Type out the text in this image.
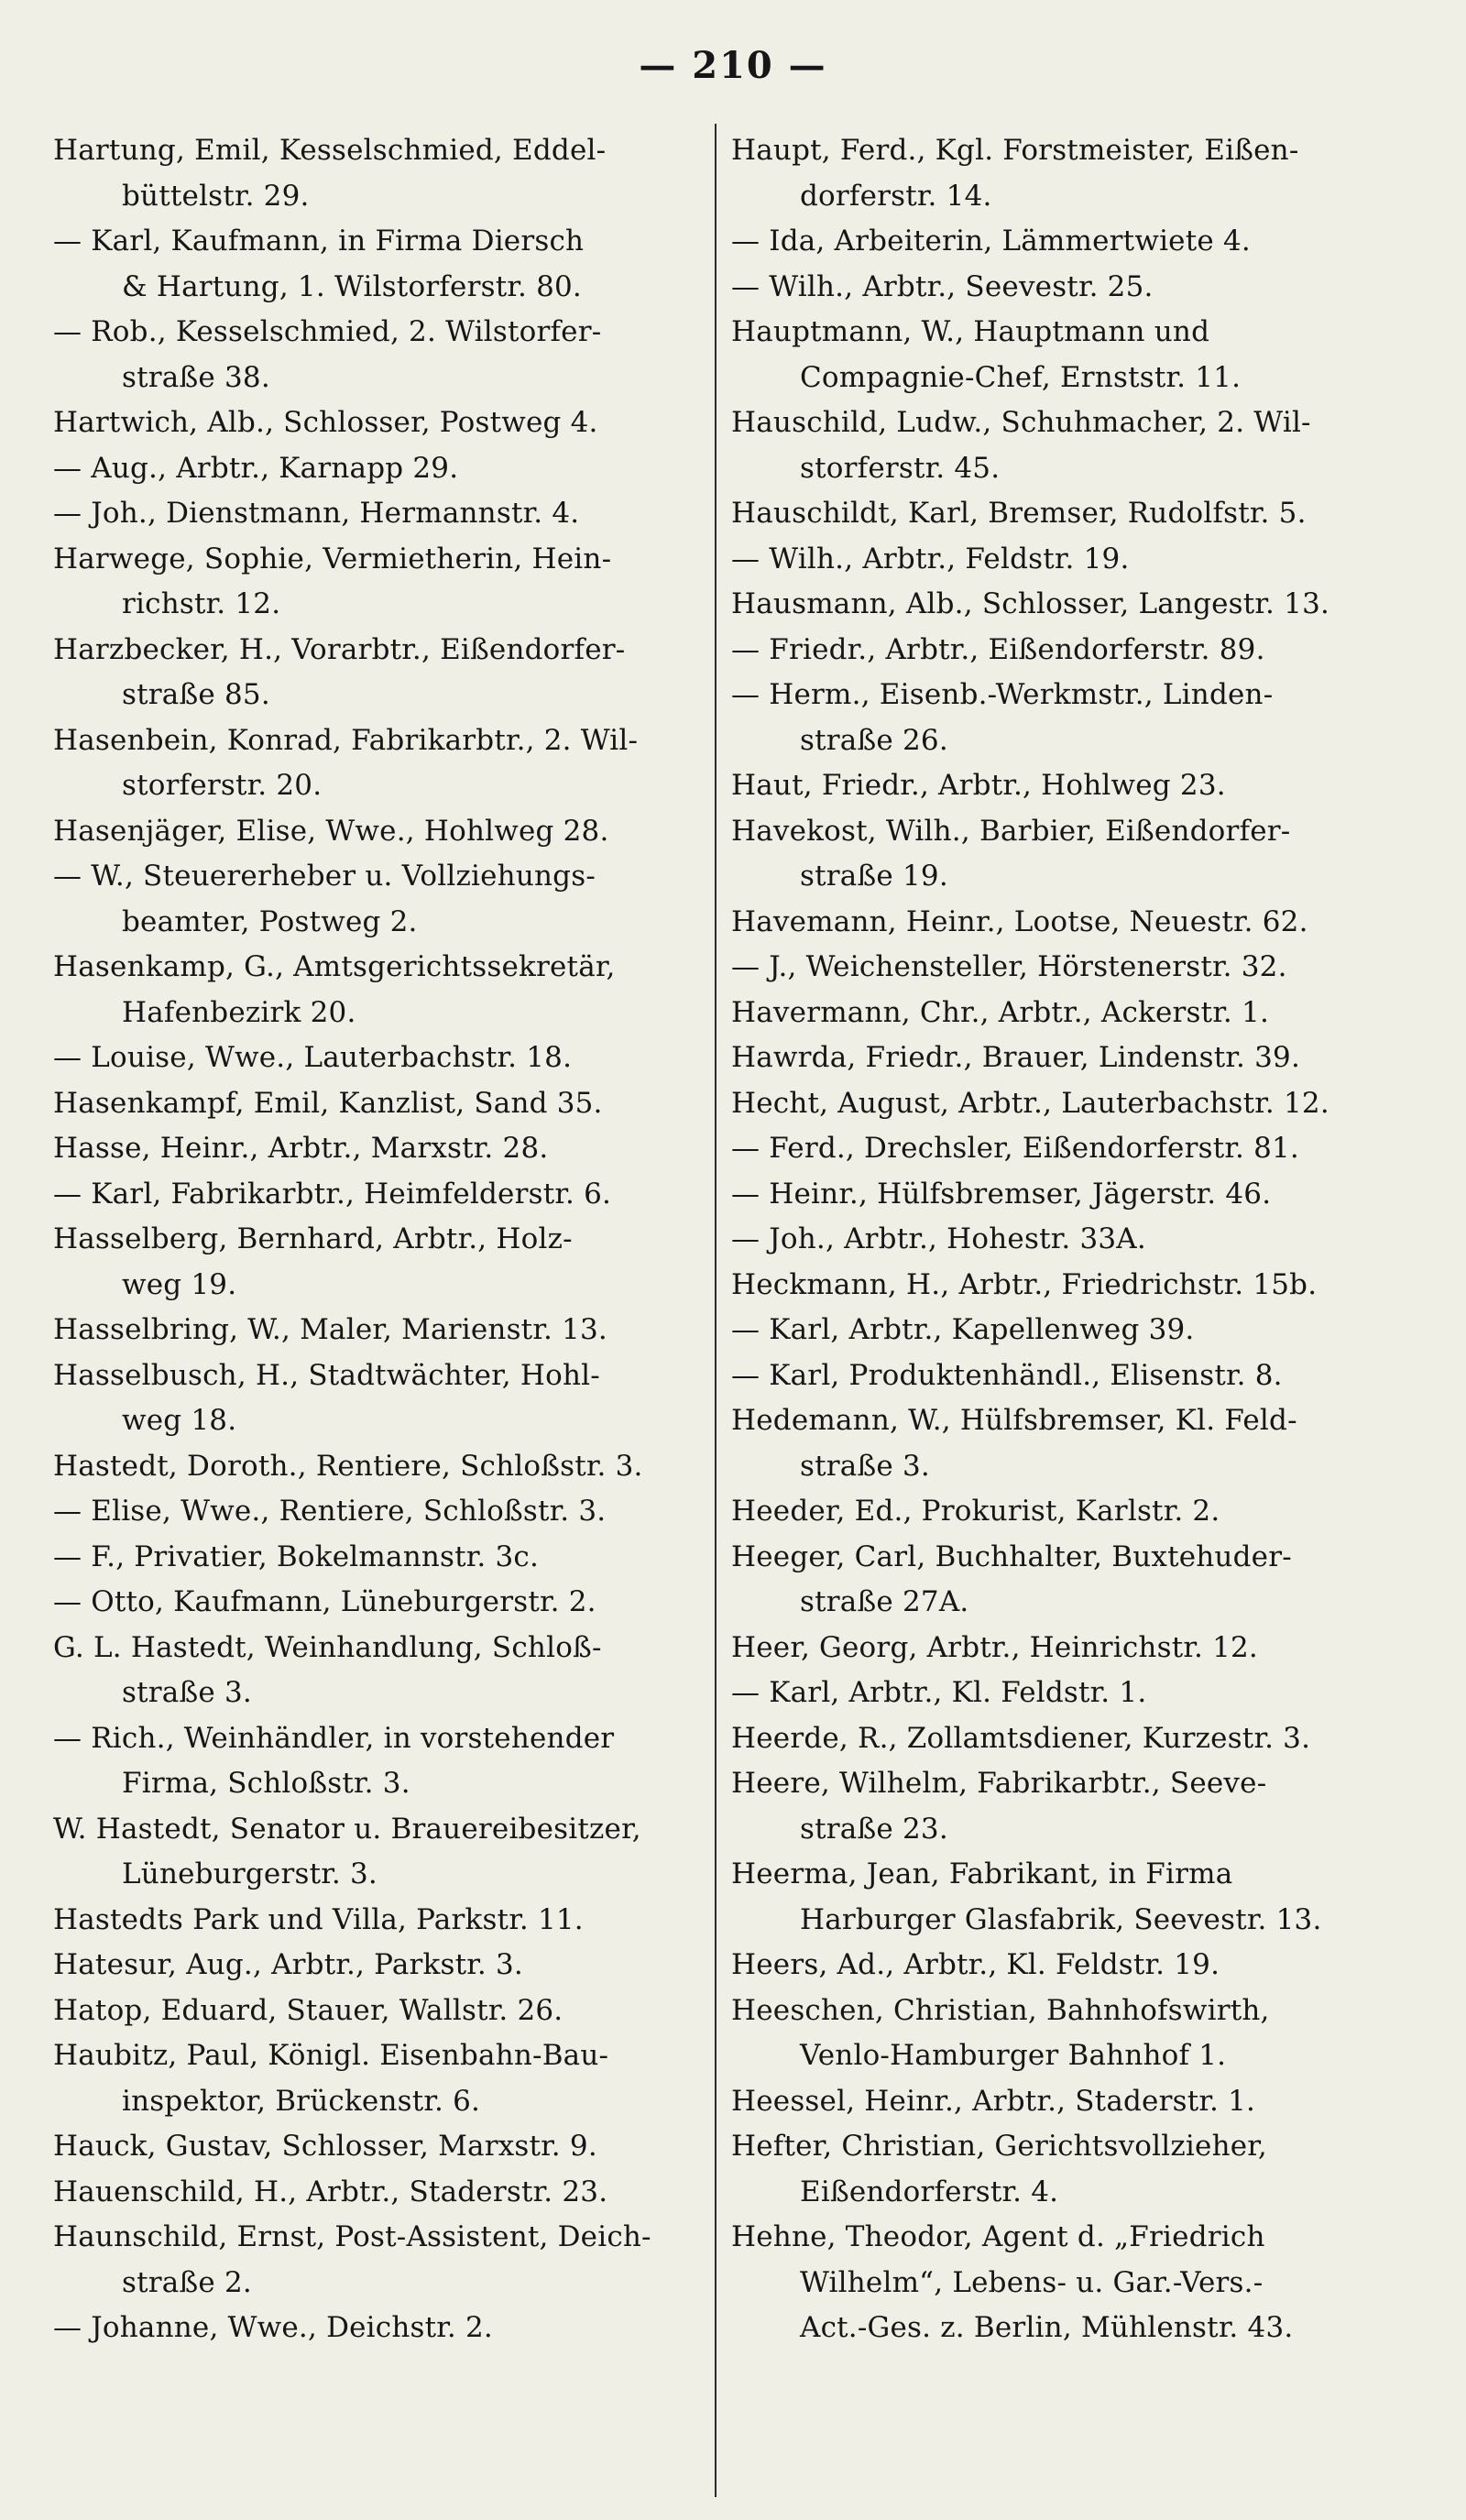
— 210 —
Hartung, Emil, Kesselschmied, Eddel-
büttelstr. 29.
— Karl, Kaufmann, in Firma Diersch
& Hartung, 1. Wilstorferstr. 80.
— Rob., Kesselschmied, 2. Wilstorfer-
straße 38.
Hartwich, Alb., Schlosser, Postweg 4.
— Aug., Arbtr., Karnapp 29.
— Joh., Dienstmann, Hermannstr. 4.
Harwege, Sophie, Vermietherin, Hein-
richstr. 12.
Harzbecker, H., Vorarbtr., Eißendorfer-
straße 85.
Hasenbein, Konrad, Fabrikarbtr., 2. Wil-
storferstr. 20.
Hasenjäger, Elise, Wwe., Hohlweg 28.
— W., Steuererheber u. Vollziehungs-
beamter, Postweg 2.
Hasenkamp, G., Amtsgerichtssekretär,
Hafenbezirk 20.
— Louise, Wwe., Lauterbachstr. 18.
Hasenkampf, Emil, Kanzlist, Sand 35.
Hasse, Heinr., Arbtr., Marxstr. 28.
— Karl, Fabrikarbtr., Heimfelderstr. 6.
Hasselberg, Bernhard, Arbtr., Holz-
weg 19.
Hasselbring, W., Maler, Marienstr. 13.
Hasselbusch, H., Stadtwächter, Hohl-
weg 18.
Hastedt, Doroth., Rentiere, Schloßstr. 3.
— Elise, Wwe., Rentiere, Schloßstr. 3.
— F., Privatier, Bokelmannstr. 3c.
— Otto, Kaufmann, Lüneburgerstr. 2.
G. L. Hastedt, Weinhandlung, Schloß-
straße 3.
— Rich., Weinhändler, in vorstehender
Firma, Schloßstr. 3.
W. Hastedt, Senator u. Brauereibesitzer,
Lüneburgerstr. 3.
Hastedts Park und Villa, Parkstr. 11.
Hatesur, Aug., Arbtr., Parkstr. 3.
Hatop, Eduard, Stauer, Wallstr. 26.
Haubitz, Paul, Königl. Eisenbahn-Bau-
inspektor, Brückenstr. 6.
Hauck, Gustav, Schlosser, Marxstr. 9.
Hauenschild, H., Arbtr., Staderstr. 23.
Haunschild, Ernst, Post-Assistent, Deich-
straße 2.
— Johanne, Wwe., Deichstr. 2.
Haupt, Ferd., Kgl. Forstmeister, Eißen-
dorferstr. 14.
— Ida, Arbeiterin, Lämmertwiete 4.
— Wilh., Arbtr., Seevestr. 25.
Hauptmann, W., Hauptmann und
Compagnie-Chef, Ernststr. 11.
Hauschild, Ludw., Schuhmacher, 2. Wil-
storferstr. 45.
Hauschildt, Karl, Bremser, Rudolfstr. 5.
— Wilh., Arbtr., Feldstr. 19.
Hausmann, Alb., Schlosser, Langestr. 13.
— Friedr., Arbtr., Eißendorferstr. 89.
— Herm., Eisenb.-Werkmstr., Linden-
straße 26.
Haut, Friedr., Arbtr., Hohlweg 23.
Havekost, Wilh., Barbier, Eißendorfer-
straße 19.
Havemann, Heinr., Lootse, Neuestr. 62.
— J., Weichensteller, Hörstenerstr. 32.
Havermann, Chr., Arbtr., Ackerstr. 1.
Hawrda, Friedr., Brauer, Lindenstr. 39.
Hecht, August, Arbtr., Lauterbachstr. 12.
— Ferd., Drechsler, Eißendorferstr. 81.
— Heinr., Hülfsbremser, Jägerstr. 46.
— Joh., Arbtr., Hohestr. 33A.
Heckmann, H., Arbtr., Friedrichstr. 15b.
— Karl, Arbtr., Kapellenweg 39.
— Karl, Produktenhändl., Elisenstr. 8.
Hedemann, W., Hülfsbremser, Kl. Feld-
straße 3.
Heeder, Ed., Prokurist, Karlstr. 2.
Heeger, Carl, Buchhalter, Buxtehuder-
straße 27A.
Heer, Georg, Arbtr., Heinrichstr. 12.
— Karl, Arbtr., Kl. Feldstr. 1.
Heerde, R., Zollamtsdiener, Kurzestr. 3.
Heere, Wilhelm, Fabrikarbtr., Seeve-
straße 23.
Heerma, Jean, Fabrikant, in Firma
Harburger Glasfabrik, Seevestr. 13.
Heers, Ad., Arbtr., Kl. Feldstr. 19.
Heeschen, Christian, Bahnhofswirth,
Venlo-Hamburger Bahnhof 1.
Heessel, Heinr., Arbtr., Staderstr. 1.
Hefter, Christian, Gerichtsvollzieher,
Eißendorferstr. 4.
Hehne, Theodor, Agent d. „Friedrich
Wilhelm“, Lebens- u. Gar.-Vers.-
Act.-Ges. z. Berlin, Mühlenstr. 43.
